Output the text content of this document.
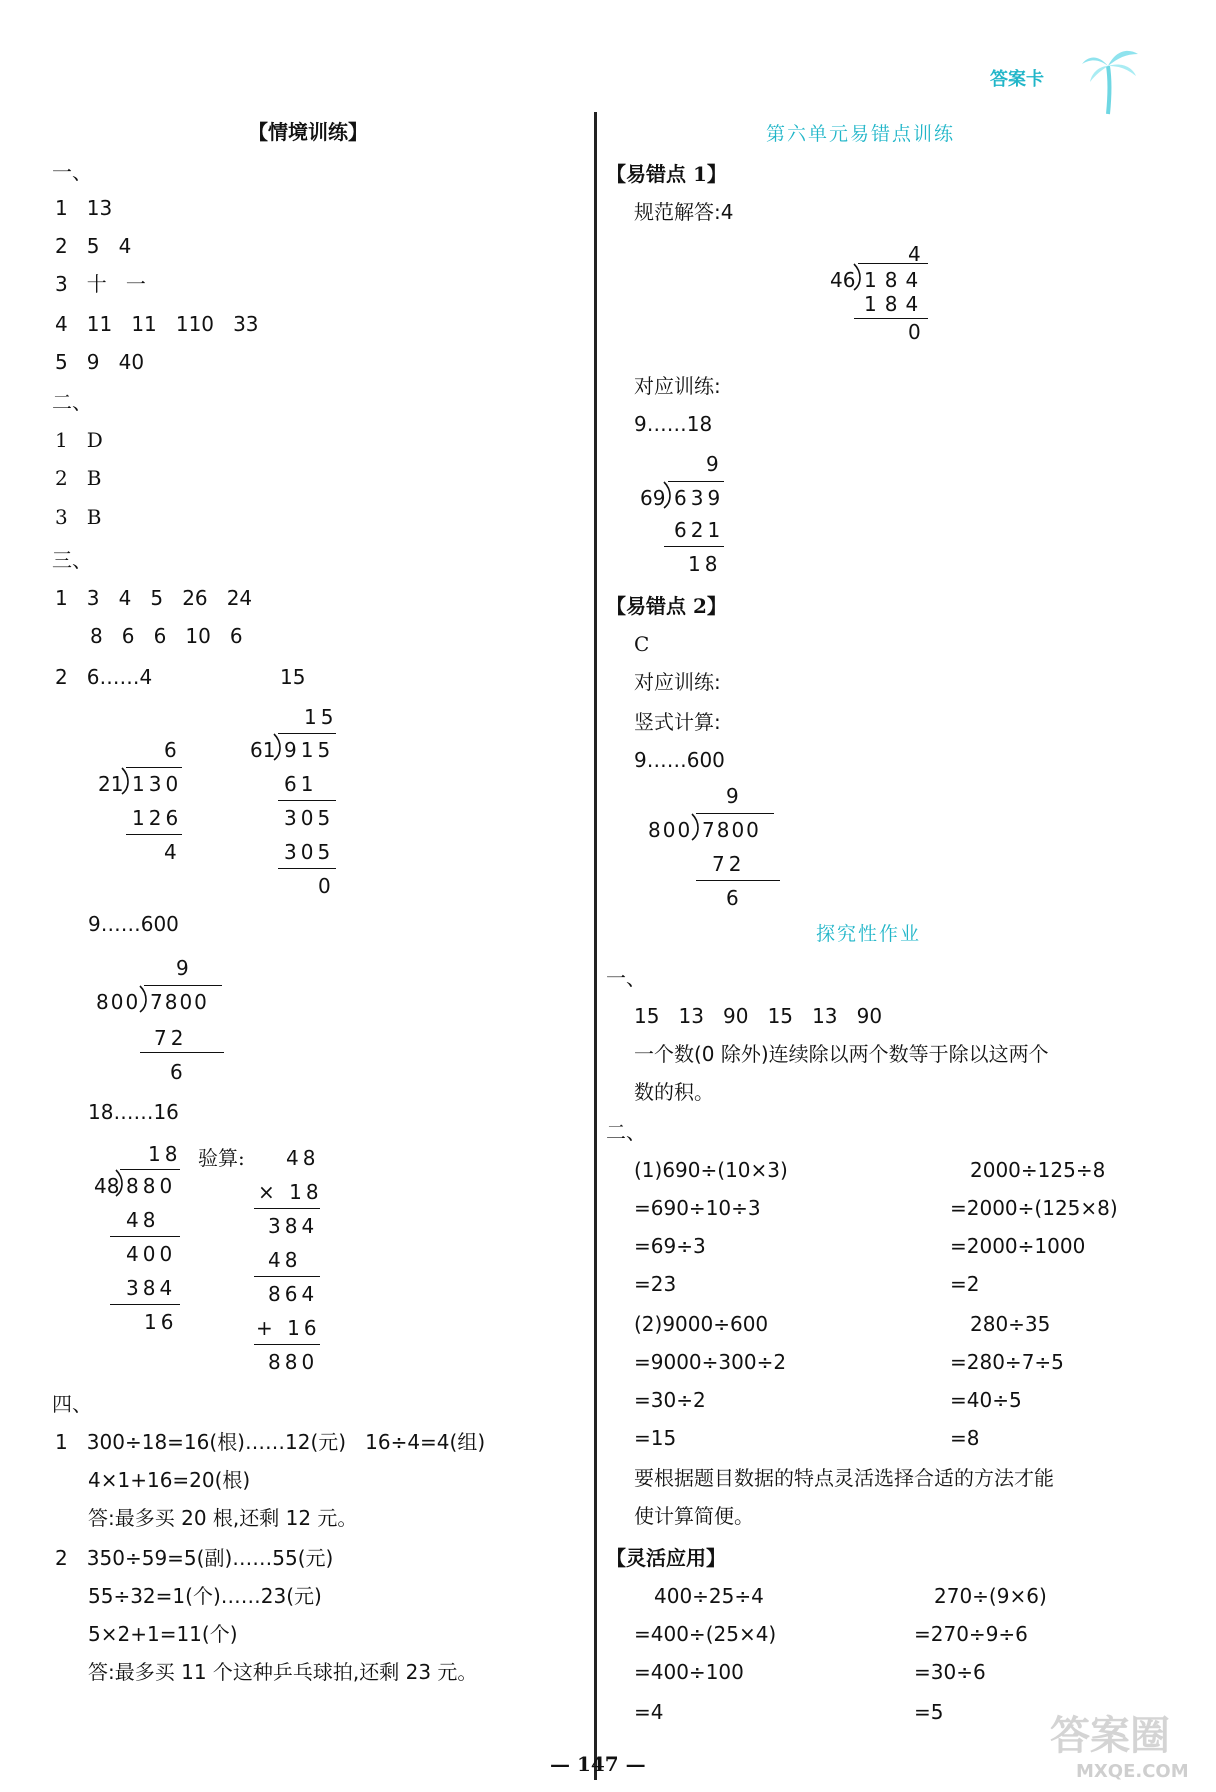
答案卡
【情境训练】
一、
1   13
2   5   4
3   十   一
4   11   11   110   33
5   9   40
二、
1   D
2   B
3   B
三、
1   3   4   5   26   24
8   6   6   10   6
2   6……4	15
6
21 130
126
4
15
61 915
61
305
305
0
9……600
9
800 7800
72
6
18……16
18
48 880
48
400
384
16
验算: 48
× 18
384
48
864
+ 16
880
四、
1   300÷18=16(根)……12(元)   16÷4=4(组)
4×1+16=20(根)
答:最多买 20 根,还剩 12 元。
2   350÷59=5(副)……55(元)
55÷32=1(个)……23(元)
5×2+1=11(个)
答:最多买 11 个这种乒乓球拍,还剩 23 元。
第六单元易错点训练
【易错点 1】
规范解答:4
4
46 184
184
0
对应训练:
9……18
9
69 639
621
18
【易错点 2】
C
对应训练:
竖式计算:
9……600
9
800 7800
72
6
探究性作业
一、
15   13   90   15   13   90
一个数(0 除外)连续除以两个数等于除以这两个
数的积。
二、
(1)690÷(10×3)
=690÷10÷3
=69÷3
=23
(2)9000÷600
=9000÷300÷2
=30÷2
=15
2000÷125÷8
=2000÷(125×8)
=2000÷1000
=2
280÷35
=280÷7÷5
=40÷5
=8
要根据题目数据的特点灵活选择合适的方法才能
使计算简便。
【灵活应用】
400÷25÷4
=400÷(25×4)
=400÷100
=4
270÷(9×6)
=270÷9÷6
=30÷6
=5
— 147 —
答案圈
MXQE.COM
